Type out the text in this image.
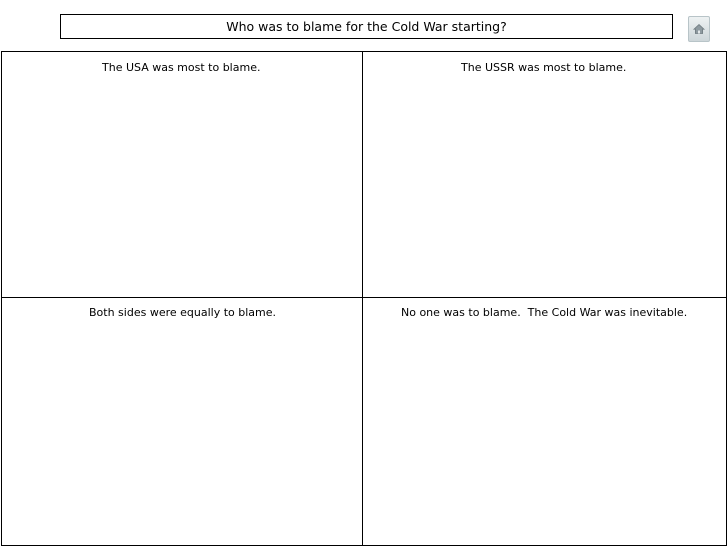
Who was to blame for the Cold War starting?
The USA was most to blame.	The USSR was most to blame.
Both sides were equally to blame.	No one was to blame.  The Cold War was inevitable.
